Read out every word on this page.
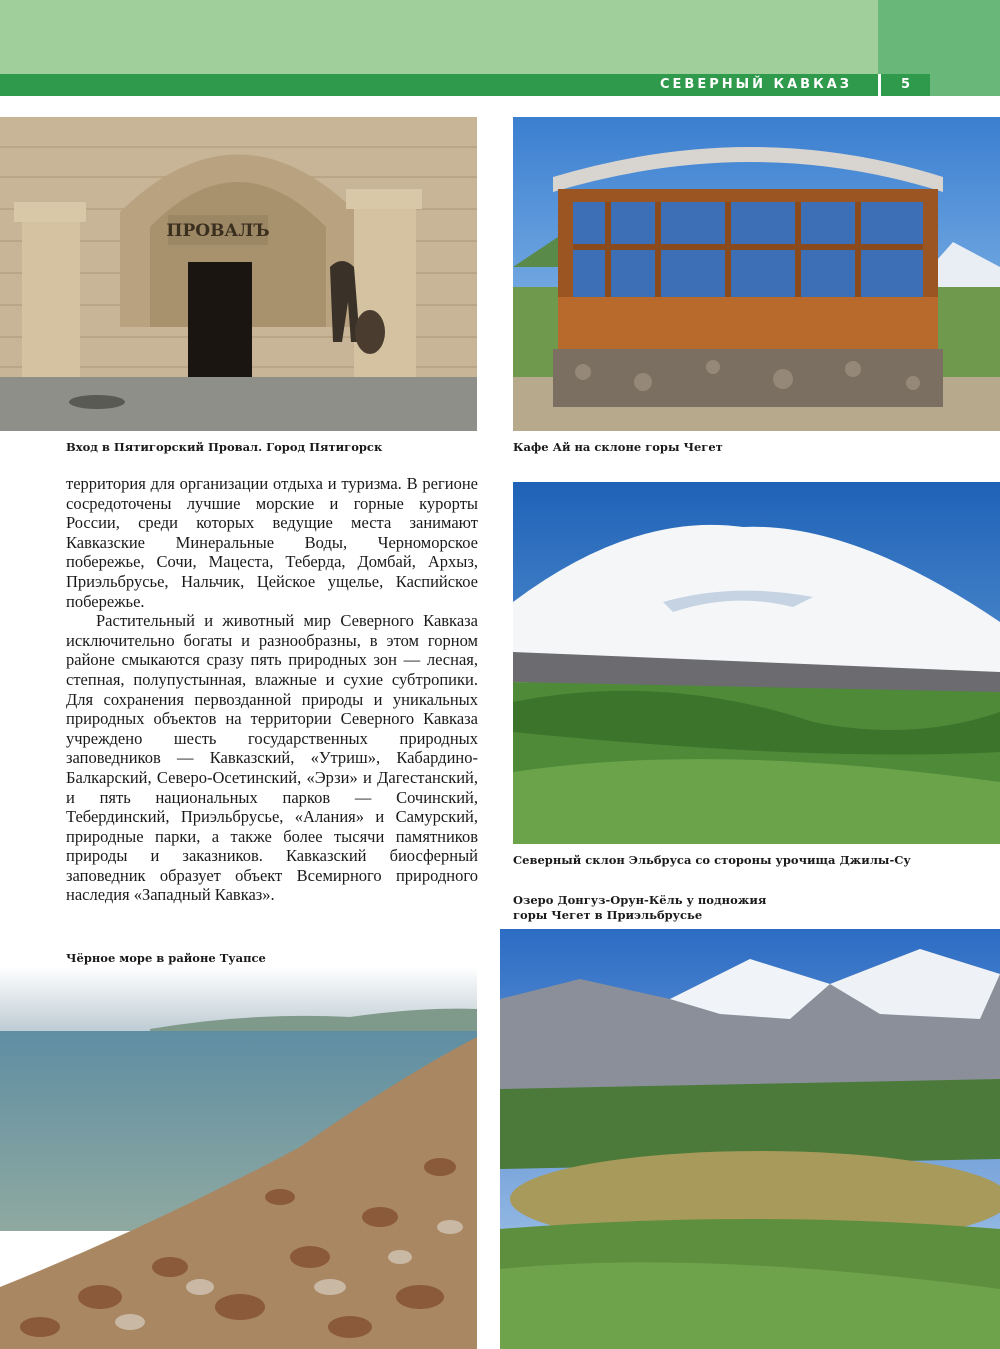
СЕВЕРНЫЙ КАВКАЗ	5
ПРОВАЛЪ

Вход в Пятигорский Провал. Город Пятигорск	Кафе Ай на склоне горы Чегет

территория для организации отдыха и туризма. В регионе сосредоточены лучшие морские и горные курорты России, среди которых ведущие места занимают Кавказские Минеральные Воды, Черноморское побережье, Сочи, Мацеста, Теберда, Домбай, Архыз, Приэльбрусье, Нальчик, Цейское ущелье, Каспийское побережье.

Растительный и животный мир Северного Кавказа исключительно богаты и разнообразны, в этом горном районе смыкаются сразу пять природных зон — лесная, степная, полупустынная, влажные и сухие субтропики. Для сохранения первозданной природы и уникальных природных объектов на территории Северного Кавказа учреждено шесть государственных природных заповедников — Кавказский, «Утриш», Кабардино-Балкарский, Северо-Осетинский, «Эрзи» и Дагестанский, и пять национальных парков — Сочинский, Тебердинский, Приэльбрусье, «Алания» и Самурский, природные парки, а также более тысячи памятников природы и заказников. Кавказский биосферный заповедник образует объект Всемирного природного наследия «Западный Кавказ».

Северный склон Эльбруса со стороны урочища Джилы-Су

Озеро Донгуз-Орун-Кёль у подножия

горы Чегет в Приэльбрусье

Чёрное море в районе Туапсе
